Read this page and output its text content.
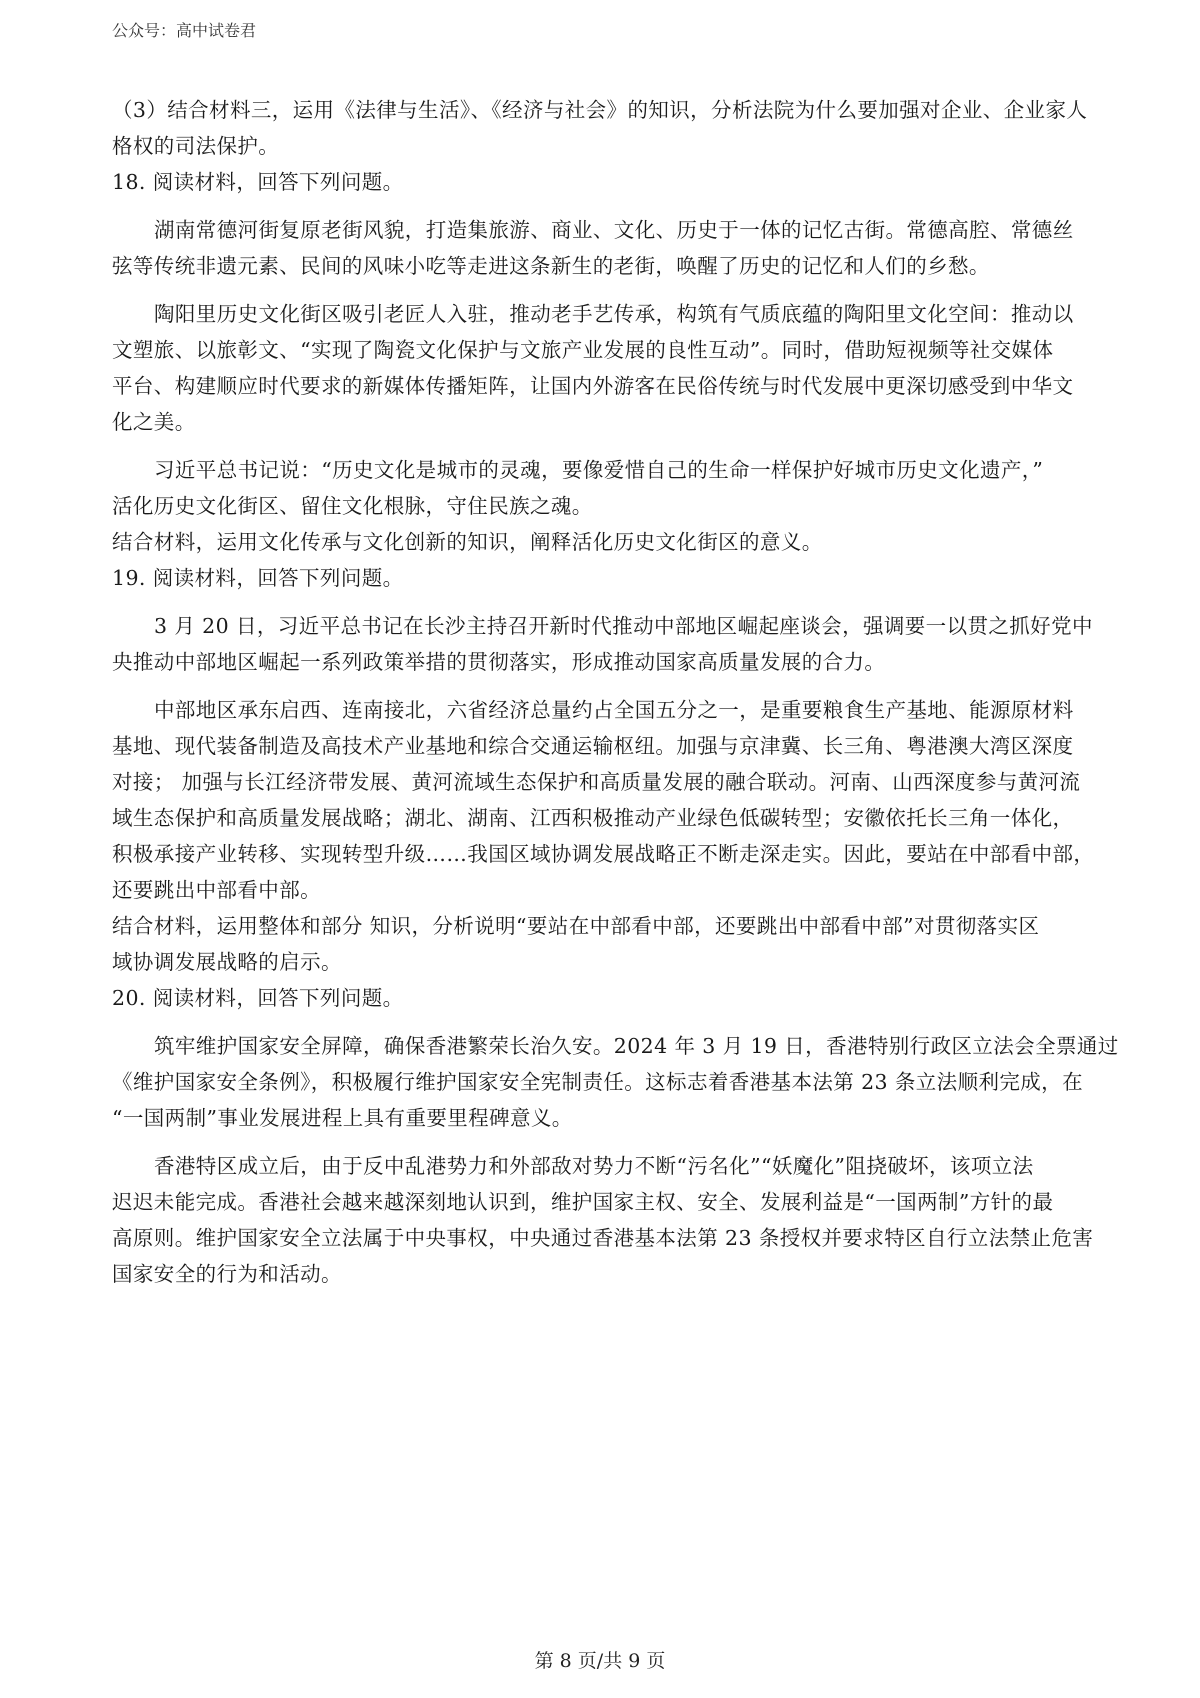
公众号：高中试卷君

（3）结合材料三，运用《法律与生活》、《经济与社会》的知识，分析法院为什么要加强对企业、企业家人

格权的司法保护。

18. 阅读材料，回答下列问题。

湖南常德河街复原老街风貌，打造集旅游、商业、文化、历史于一体的记忆古街。常德高腔、常德丝

弦等传统非遗元素、民间的风味小吃等走进这条新生的老街，唤醒了历史的记忆和人们的乡愁。

陶阳里历史文化街区吸引老匠人入驻，推动老手艺传承，构筑有气质底蕴的陶阳里文化空间：推动以

文塑旅、以旅彰文、“实现了陶瓷文化保护与文旅产业发展的良性互动”。同时，借助短视频等社交媒体

平台、构建顺应时代要求的新媒体传播矩阵，让国内外游客在民俗传统与时代发展中更深切感受到中华文

化之美。

习近平总书记说：“历史文化是城市的灵魂，要像爱惜自己的生命一样保护好城市历史文化遗产，”

活化历史文化街区、留住文化根脉，守住民族之魂。

结合材料，运用文化传承与文化创新的知识，阐释活化历史文化街区的意义。

19. 阅读材料，回答下列问题。

3 月 20 日，习近平总书记在长沙主持召开新时代推动中部地区崛起座谈会，强调要一以贯之抓好党中

央推动中部地区崛起一系列政策举措的贯彻落实，形成推动国家高质量发展的合力。

中部地区承东启西、连南接北，六省经济总量约占全国五分之一，是重要粮食生产基地、能源原材料

基地、现代装备制造及高技术产业基地和综合交通运输枢纽。加强与京津冀、长三角、粤港澳大湾区深度

对接； 加强与长江经济带发展、黄河流域生态保护和高质量发展的融合联动。河南、山西深度参与黄河流

域生态保护和高质量发展战略；湖北、湖南、江西积极推动产业绿色低碳转型；安徽依托长三角一体化，

积极承接产业转移、实现转型升级……我国区域协调发展战略正不断走深走实。因此，要站在中部看中部，

还要跳出中部看中部。

结合材料，运用整体和部分 知识，分析说明“要站在中部看中部，还要跳出中部看中部”对贯彻落实区

域协调发展战略的启示。

20. 阅读材料，回答下列问题。

筑牢维护国家安全屏障，确保香港繁荣长治久安。2024 年 3 月 19 日，香港特别行政区立法会全票通过

《维护国家安全条例》，积极履行维护国家安全宪制责任。这标志着香港基本法第 23 条立法顺利完成，在

“一国两制”事业发展进程上具有重要里程碑意义。

香港特区成立后，由于反中乱港势力和外部敌对势力不断“污名化”“妖魔化”阻挠破坏，该项立法

迟迟未能完成。香港社会越来越深刻地认识到，维护国家主权、安全、发展利益是“一国两制”方针的最

高原则。维护国家安全立法属于中央事权，中央通过香港基本法第 23 条授权并要求特区自行立法禁止危害

国家安全的行为和活动。

第 8 页/共 9 页
